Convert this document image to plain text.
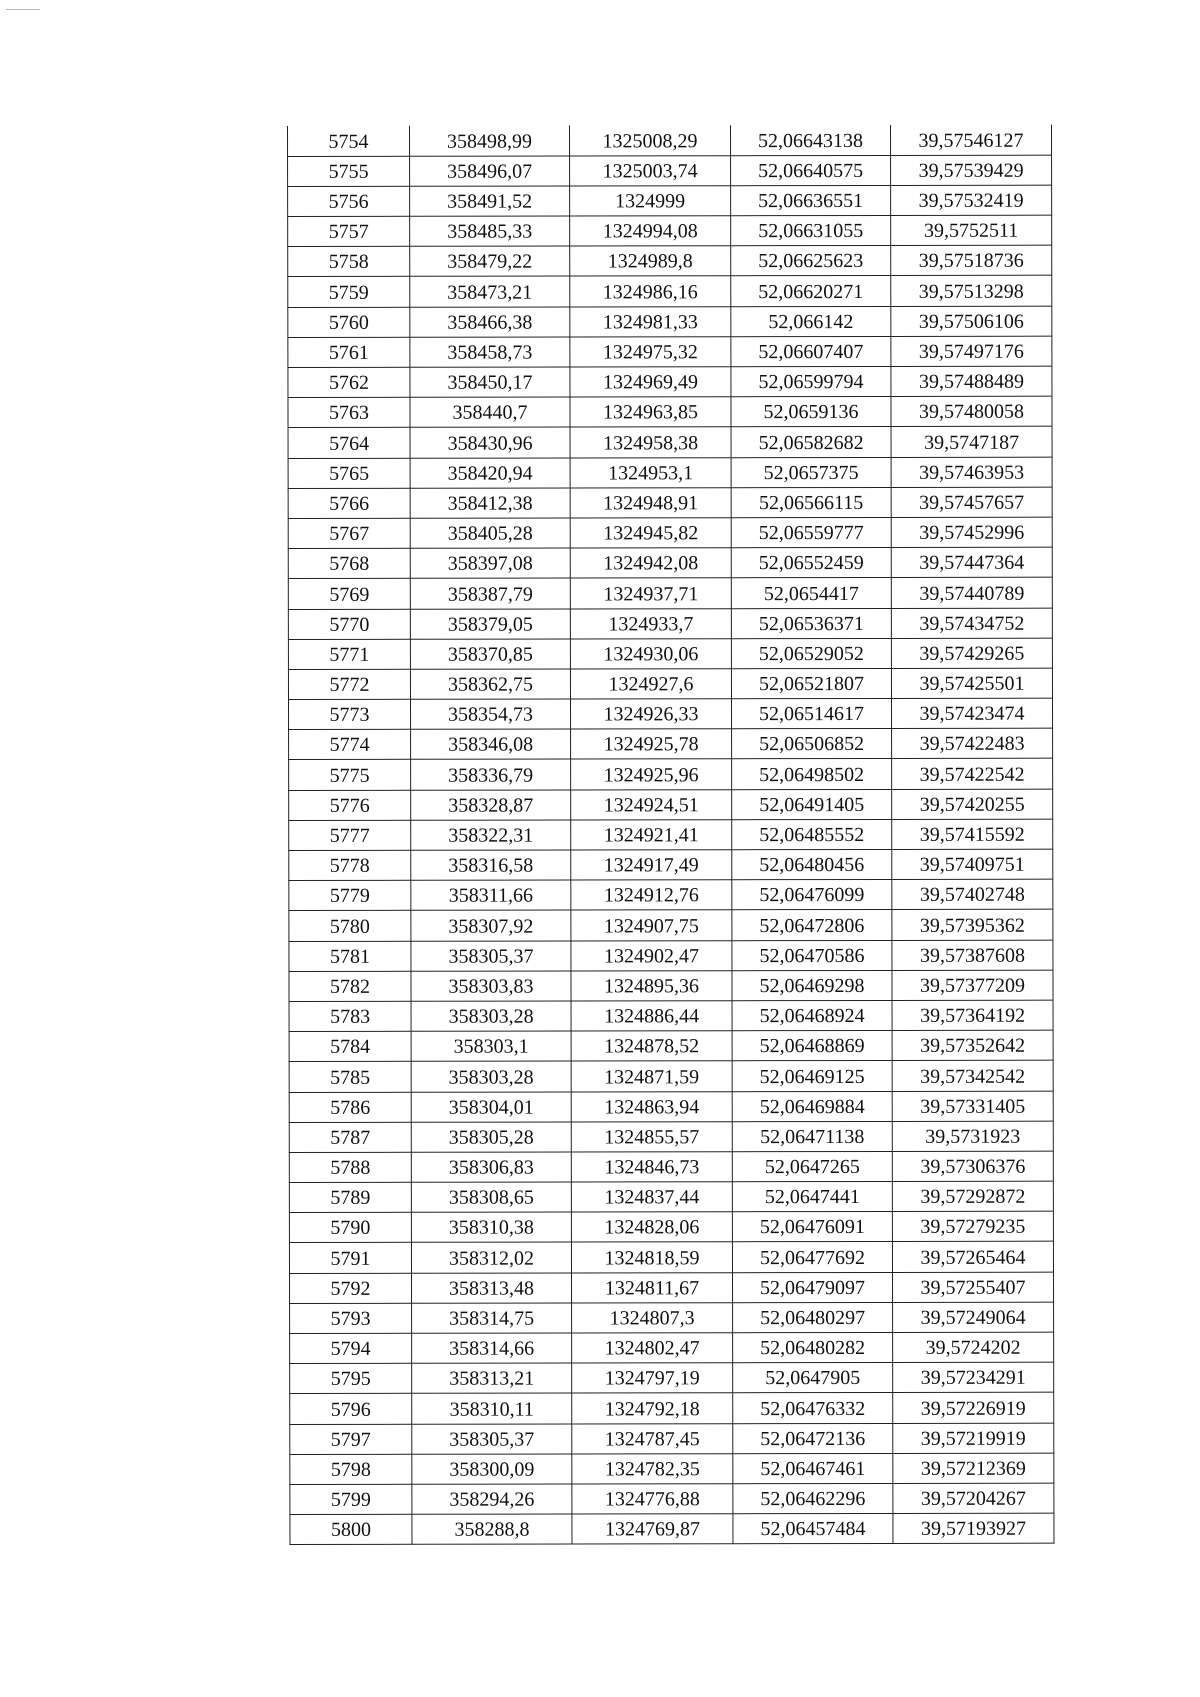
5754	358498,99	1325008,29	52,06643138	39,57546127
5755	358496,07	1325003,74	52,06640575	39,57539429
5756	358491,52	1324999	52,06636551	39,57532419
5757	358485,33	1324994,08	52,06631055	39,5752511
5758	358479,22	1324989,8	52,06625623	39,57518736
5759	358473,21	1324986,16	52,06620271	39,57513298
5760	358466,38	1324981,33	52,066142	39,57506106
5761	358458,73	1324975,32	52,06607407	39,57497176
5762	358450,17	1324969,49	52,06599794	39,57488489
5763	358440,7	1324963,85	52,0659136	39,57480058
5764	358430,96	1324958,38	52,06582682	39,5747187
5765	358420,94	1324953,1	52,0657375	39,57463953
5766	358412,38	1324948,91	52,06566115	39,57457657
5767	358405,28	1324945,82	52,06559777	39,57452996
5768	358397,08	1324942,08	52,06552459	39,57447364
5769	358387,79	1324937,71	52,0654417	39,57440789
5770	358379,05	1324933,7	52,06536371	39,57434752
5771	358370,85	1324930,06	52,06529052	39,57429265
5772	358362,75	1324927,6	52,06521807	39,57425501
5773	358354,73	1324926,33	52,06514617	39,57423474
5774	358346,08	1324925,78	52,06506852	39,57422483
5775	358336,79	1324925,96	52,06498502	39,57422542
5776	358328,87	1324924,51	52,06491405	39,57420255
5777	358322,31	1324921,41	52,06485552	39,57415592
5778	358316,58	1324917,49	52,06480456	39,57409751
5779	358311,66	1324912,76	52,06476099	39,57402748
5780	358307,92	1324907,75	52,06472806	39,57395362
5781	358305,37	1324902,47	52,06470586	39,57387608
5782	358303,83	1324895,36	52,06469298	39,57377209
5783	358303,28	1324886,44	52,06468924	39,57364192
5784	358303,1	1324878,52	52,06468869	39,57352642
5785	358303,28	1324871,59	52,06469125	39,57342542
5786	358304,01	1324863,94	52,06469884	39,57331405
5787	358305,28	1324855,57	52,06471138	39,5731923
5788	358306,83	1324846,73	52,0647265	39,57306376
5789	358308,65	1324837,44	52,0647441	39,57292872
5790	358310,38	1324828,06	52,06476091	39,57279235
5791	358312,02	1324818,59	52,06477692	39,57265464
5792	358313,48	1324811,67	52,06479097	39,57255407
5793	358314,75	1324807,3	52,06480297	39,57249064
5794	358314,66	1324802,47	52,06480282	39,5724202
5795	358313,21	1324797,19	52,0647905	39,57234291
5796	358310,11	1324792,18	52,06476332	39,57226919
5797	358305,37	1324787,45	52,06472136	39,57219919
5798	358300,09	1324782,35	52,06467461	39,57212369
5799	358294,26	1324776,88	52,06462296	39,57204267
5800	358288,8	1324769,87	52,06457484	39,57193927
